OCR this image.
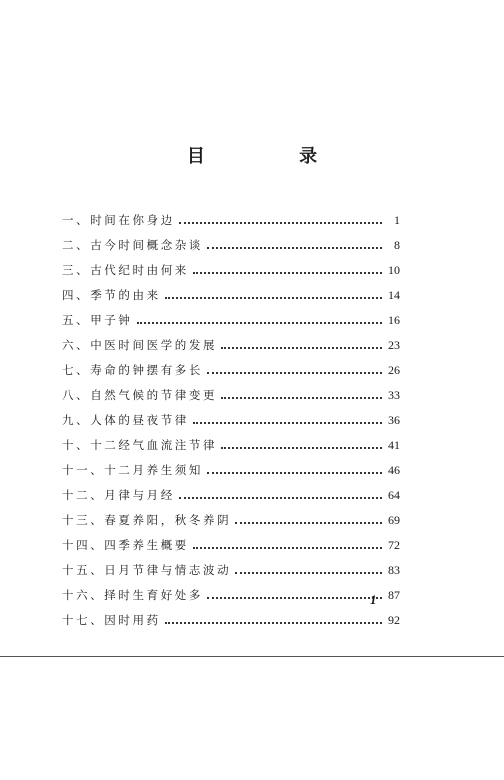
目 录
一、时间在你身边	1
二、古今时间概念杂谈	8
三、古代纪时由何来	10
四、季节的由来	14
五、甲子钟	16
六、中医时间医学的发展	23
七、寿命的钟摆有多长	26
八、自然气候的节律变更	33
九、人体的昼夜节律	36
十、十二经气血流注节律	41
十一、十二月养生须知	46
十二、月律与月经	64
十三、春夏养阳，秋冬养阴	69
十四、四季养生概要	72
十五、日月节律与情志波动	83
十六、择时生育好处多	87
十七、因时用药	92
1
